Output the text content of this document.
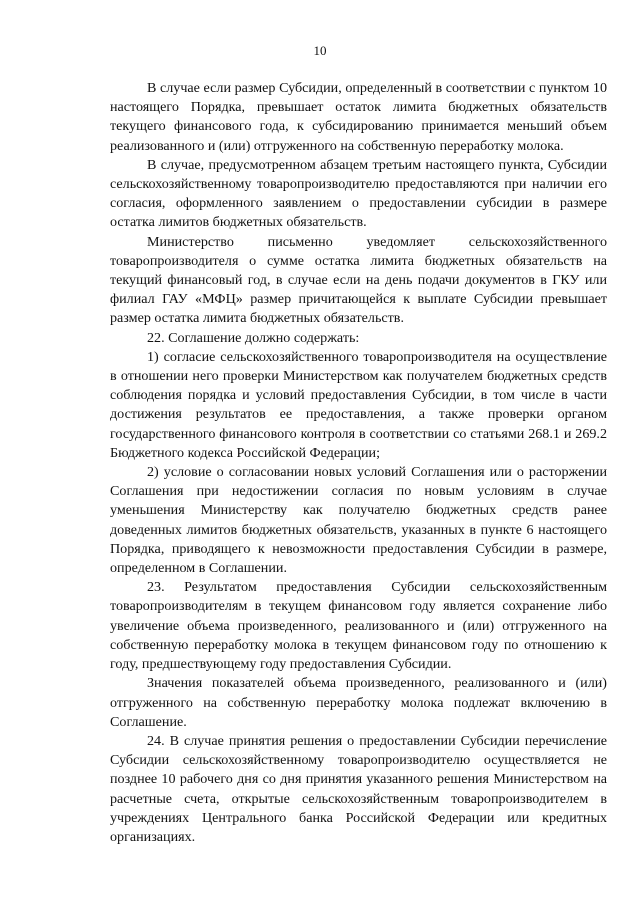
10

В случае если размер Субсидии, определенный в соответствии с пунктом 10 настоящего Порядка, превышает остаток лимита бюджетных обязательств текущего финансового года, к субсидированию принимается меньший объем реализованного и (или) отгруженного на собственную переработку молока.

В случае, предусмотренном абзацем третьим настоящего пункта, Субсидии сельскохозяйственному товаропроизводителю предоставляются при наличии его согласия, оформленного заявлением о предоставлении субсидии в размере остатка лимитов бюджетных обязательств.

Министерство письменно уведомляет сельскохозяйственного товаропроизводителя о сумме остатка лимита бюджетных обязательств на текущий финансовый год, в случае если на день подачи документов в ГКУ или филиал ГАУ «МФЦ» размер причитающейся к выплате Субсидии превышает размер остатка лимита бюджетных обязательств.

22. Соглашение должно содержать:

1) согласие сельскохозяйственного товаропроизводителя на осуществление в отношении него проверки Министерством как получателем бюджетных средств соблюдения порядка и условий предоставления Субсидии, в том числе в части достижения результатов ее предоставления, а также проверки органом государственного финансового контроля в соответствии со статьями 268.1 и 269.2 Бюджетного кодекса Российской Федерации;

2) условие о согласовании новых условий Соглашения или о расторжении Соглашения при недостижении согласия по новым условиям в случае уменьшения Министерству как получателю бюджетных средств ранее доведенных лимитов бюджетных обязательств, указанных в пункте 6 настоящего Порядка, приводящего к невозможности предоставления Субсидии в размере, определенном в Соглашении.

23. Результатом предоставления Субсидии сельскохозяйственным товаропроизводителям в текущем финансовом году является сохранение либо увеличение объема произведенного, реализованного и (или) отгруженного на собственную переработку молока в текущем финансовом году по отношению к году, предшествующему году предоставления Субсидии.

Значения показателей объема произведенного, реализованного и (или) отгруженного на собственную переработку молока подлежат включению в Соглашение.

24. В случае принятия решения о предоставлении Субсидии перечисление Субсидии сельскохозяйственному товаропроизводителю осуществляется не позднее 10 рабочего дня со дня принятия указанного решения Министерством на расчетные счета, открытые сельскохозяйственным товаропроизводителем в учреждениях Центрального банка Российской Федерации или кредитных организациях.
